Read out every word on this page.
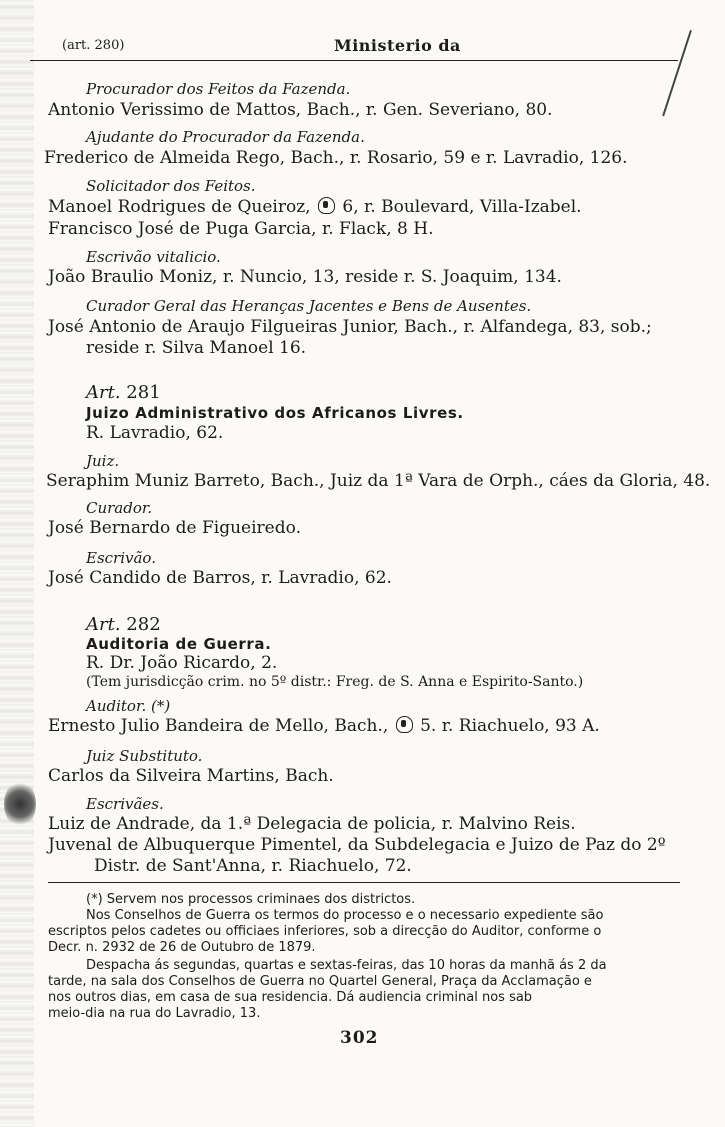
(art. 280)	Ministerio da
Procurador dos Feitos da Fazenda.
Antonio Verissimo de Mattos, Bach., r. Gen. Severiano, 80.
Ajudante do Procurador da Fazenda.
Frederico de Almeida Rego, Bach., r. Rosario, 59 e r. Lavradio, 126.
Solicitador dos Feitos.
Manoel Rodrigues de Queiroz, 6, r. Boulevard, Villa-Izabel.
Francisco José de Puga Garcia, r. Flack, 8 H.
Escrivão vitalicio.
João Braulio Moniz, r. Nuncio, 13, reside r. S. Joaquim, 134.
Curador Geral das Heranças Jacentes e Bens de Ausentes.
José Antonio de Araujo Filgueiras Junior, Bach., r. Alfandega, 83, sob.;
reside r. Silva Manoel 16.
Art. 281
Juizo Administrativo dos Africanos Livres.
R. Lavradio, 62.
Juiz.
Seraphim Muniz Barreto, Bach., Juiz da 1ª Vara de Orph., cáes da Gloria, 48.
Curador.
José Bernardo de Figueiredo.
Escrivão.
José Candido de Barros, r. Lavradio, 62.
Art. 282
Auditoria de Guerra.
R. Dr. João Ricardo, 2.
(Tem jurisdicção crim. no 5º distr.: Freg. de S. Anna e Espirito-Santo.)
Auditor. (*)
Ernesto Julio Bandeira de Mello, Bach., 5. r. Riachuelo, 93 A.
Juiz Substituto.
Carlos da Silveira Martins, Bach.
Escrivães.
Luiz de Andrade, da 1.ª Delegacia de policia, r. Malvino Reis.
Juvenal de Albuquerque Pimentel, da Subdelegacia e Juizo de Paz do 2º
Distr. de Sant'Anna, r. Riachuelo, 72.
(*) Servem nos processos criminaes dos districtos.
Nos Conselhos de Guerra os termos do processo e o necessario expediente são
escriptos pelos cadetes ou officiaes inferiores, sob a direcção do Auditor, conforme o
Decr. n. 2932 de 26 de Outubro de 1879.
Despacha ás segundas, quartas e sextas-feiras, das 10 horas da manhã ás 2 da
tarde, na sala dos Conselhos de Guerra no Quartel General, Praça da Acclamação e
nos outros dias, em casa de sua residencia. Dá audiencia criminal nos sab
meio-dia na rua do Lavradio, 13.
302
